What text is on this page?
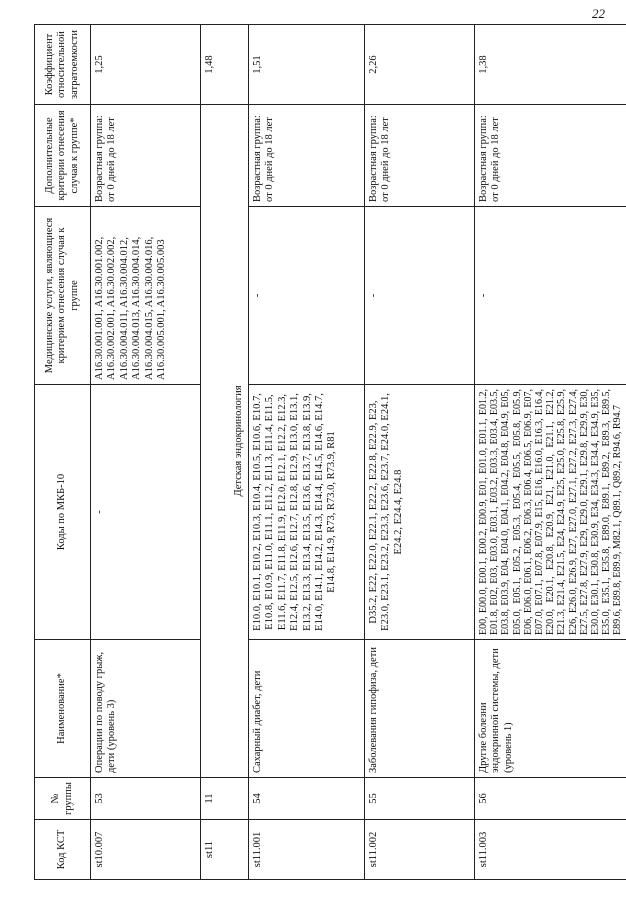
22
Код КСТ	№ группы	Наименование*	Коды по МКБ-10	Медицинские услуги, являющиеся критерием отнесения случая к группе	Дополнительные критерии отнесения случая к группе*	Коэффициент относительной затратоемкости
st10.007	53	Операции по поводу грыж, дети (уровень 3)	-	A16.30.001.001, A16.30.001.002, A16.30.002.001, A16.30.002.002, A16.30.004.011, A16.30.004.012, A16.30.004.013, A16.30.004.014, A16.30.004.015, A16.30.004.016, A16.30.005.001, A16.30.005.003	Возрастная группа: от 0 дней до 18 лет	1,25
st11	11	Детская эндокринология				1,48
st11.001	54	Сахарный диабет, дети	E10.0, E10.1, E10.2, E10.3, E10.4, E10.5, E10.6, E10.7, E10.8, E10.9, E11.0, E11.1, E11.2, E11.3, E11.4, E11.5, E11.6, E11.7, E11.8, E11.9, E12.0, E12.1, E12.2, E12.3, E12.4, E12.5, E12.6, E12.7, E12.8, E12.9, E13.0, E13.1, E13.2, E13.3, E13.4, E13.5, E13.6, E13.7, E13.8, E13.9, E14.0, E14.1, E14.2, E14.3, E14.4, E14.5, E14.6, E14.7, E14.8, E14.9, R73, R73.0, R73.9, R81	-	Возрастная группа: от 0 дней до 18 лет	1,51
st11.002	55	Заболевания гипофиза, дети	D35.2, E22, E22.0, E22.1, E22.2, E22.8, E22.9, E23, E23.0, E23.1, E23.2, E23.3, E23.6, E23.7, E24.0, E24.1, E24.2, E24.4, E24.8	-	Возрастная группа: от 0 дней до 18 лет	2,26
st11.003	56	Другие болезни эндокринной системы, дети (уровень 1)	E00, E00.0, E00.1, E00.2, E00.9, E01, E01.0, E01.1, E01.2, E01.8, E02, E03, E03.0, E03.1, E03.2, E03.3, E03.4, E03.5, E03.8, E03.9, E04, E04.0, E04.1, E04.2, E04.8, E04.9, E05, E05.0, E05.1, E05.2, E05.3, E05.4, E05.5, E05.8, E05.9, E06, E06.0, E06.1, E06.2, E06.3, E06.4, E06.5, E06.9, E07, E07.0, E07.1, E07.8, E07.9, E15, E16, E16.0, E16.3, E16.4, E20.0, E20.1, E20.8, E20.9, E21, E21.0, E21.1, E21.2, E21.3, E21.4, E21.5, E24, E24.9, E25, E25.0, E25.8, E25.9, E26, E26.0, E26.9, E27, E27.0, E27.1, E27.2, E27.3, E27.4, E27.5, E27.8, E27.9, E29, E29.0, E29.1, E29.8, E29.9, E30, E30.0, E30.1, E30.8, E30.9, E34, E34.3, E34.4, E34.9, E35, E35.0, E35.1, E35.8, E89.0, E89.1, E89.2, E89.3, E89.5, E89.6, E89.8, E89.9, M82.1, Q89.1, Q89.2, R94.6, R94.7	-	Возрастная группа: от 0 дней до 18 лет	1,38
